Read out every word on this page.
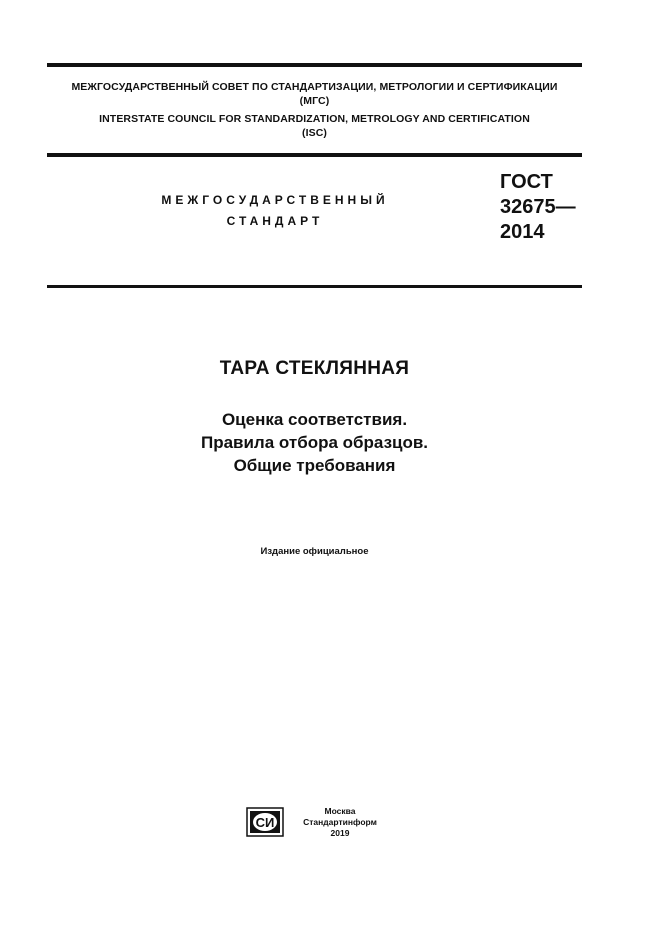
МЕЖГОСУДАРСТВЕННЫЙ СОВЕТ ПО СТАНДАРТИЗАЦИИ, МЕТРОЛОГИИ И СЕРТИФИКАЦИИ
(МГС)
INTERSTATE COUNCIL FOR STANDARDIZATION, METROLOGY AND CERTIFICATION
(ISC)
МЕЖГОСУДАРСТВЕННЫЙ
СТАНДАРТ
ГОСТ
32675—
2014
ТАРА СТЕКЛЯННАЯ
Оценка соответствия.
Правила отбора образцов.
Общие требования
Издание официальное
СИ
Москва
Стандартинформ
2019
